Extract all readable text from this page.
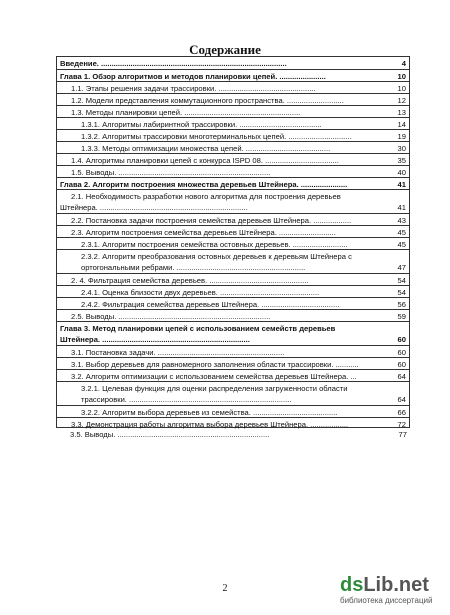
Содержание
Введение. ........................................................................................	4
Глава 1. Обзор алгоритмов и методов планировки цепей. ......................	10
1.1. Этапы решения задачи трассировки. ..............................................	10
1.2. Модели представления коммутационного пространства. ...........................	12
1.3. Методы планировки цепей. .......................................................	13
1.3.1. Алгоритмы лабиринтной трассировки. .......................................	14
1.3.2. Алгоритмы трассировки многотерминальных цепей. ..............................	19
1.3.3. Методы оптимизации множества цепей. ........................................	30
1.4. Алгоритмы планировки цепей с конкурса ISPD 08. ...................................	35
1.5. Выводы. ........................................................................	40
Глава 2. Алгоритм построения множества деревьев Штейнера. ......................	41
2.1. Необходимость разработки нового алгоритма для построения деревьев
Штейнера. ......................................................................	41
2.2. Постановка задачи построения семейства деревьев Штейнера. ..................	43
2.3. Алгоритм построения семейства деревьев Штейнера. ...........................	45
2.3.1. Алгоритм построения семейства остовных деревьев. ..........................	45
2.3.2. Алгоритм преобразования остовных деревьев к деревьям Штейнера с
ортогональными ребрами. .............................................................	47
2. 4. Фильтрация семейства деревьев. ...............................................	54
2.4.1. Оценка близости двух деревьев. ...............................................	54
2.4.2. Фильтрация семейства деревьев Штейнера. .....................................	56
2.5. Выводы. ........................................................................	59
Глава 3. Метод планировки цепей с использованием семейств деревьев
Штейнера. ......................................................................	60
3.1. Постановка задачи. ............................................................	60
3.1. Выбор деревьев для равномерного заполнения области трассировки. ...........	60
3.2. Алгоритм оптимизации с использованием семейства деревьев Штейнера. ...	64
3.2.1. Целевая функция для оценки распределения загруженности области
трассировки. .............................................................................	64
3.2.2. Алгоритм выбора деревьев из семейства. ........................................	66
3.3. Демонстрация работы алгоритма выбора деревьев Штейнера. ..................	72
3.5. Выводы. ........................................................................	77
2	dsLib.net
библиотека диссертаций
